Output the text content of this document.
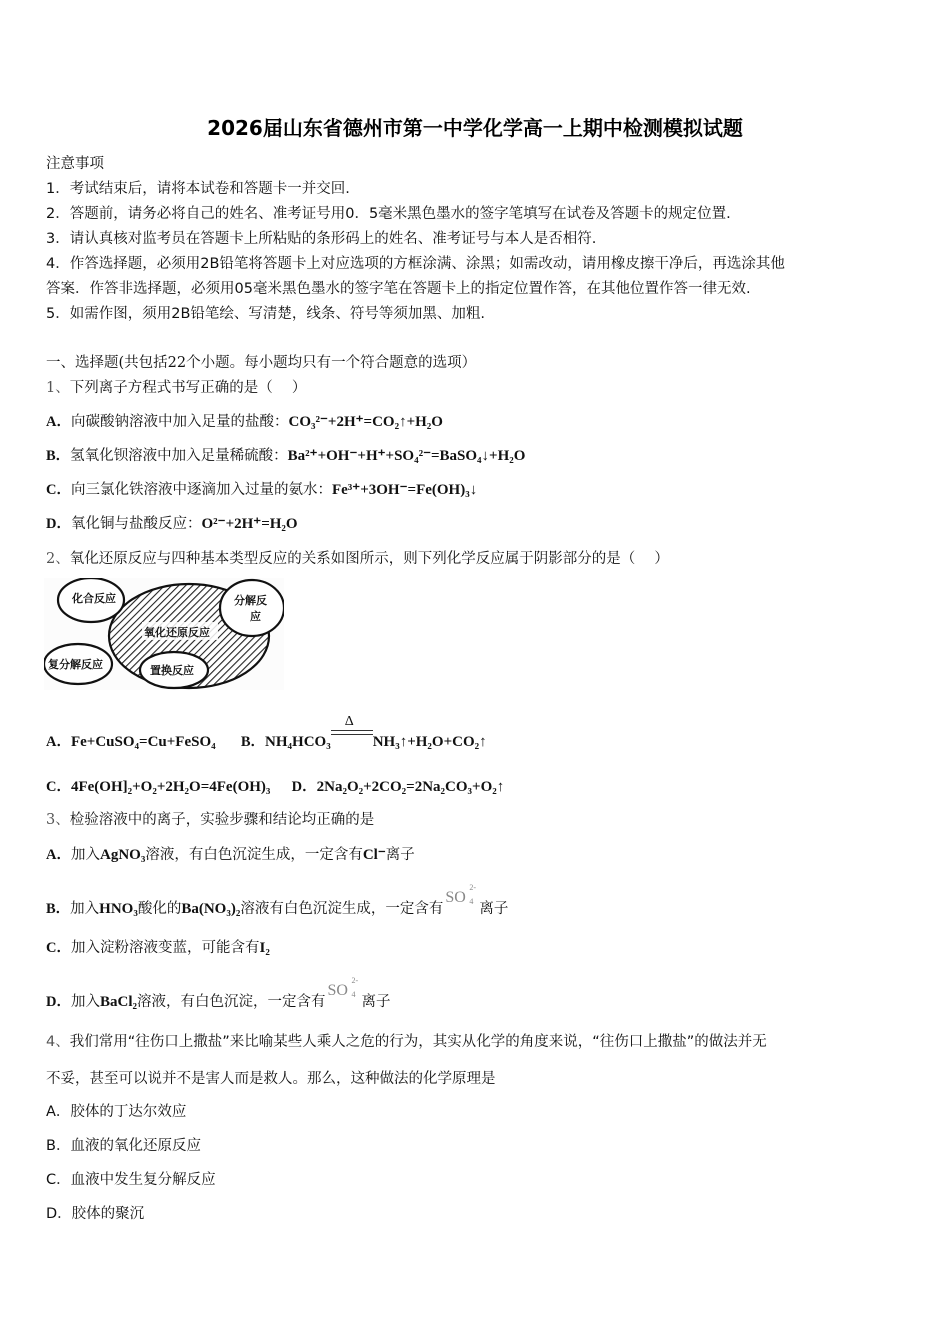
2026届山东省德州市第一中学化学高一上期中检测模拟试题
注意事项
1．考试结束后，请将本试卷和答题卡一并交回.
2．答题前，请务必将自己的姓名、准考证号用0．5毫米黑色墨水的签字笔填写在试卷及答题卡的规定位置.
3．请认真核对监考员在答题卡上所粘贴的条形码上的姓名、准考证号与本人是否相符.
4．作答选择题，必须用2B铅笔将答题卡上对应选项的方框涂满、涂黑；如需改动，请用橡皮擦干净后，再选涂其他
答案．作答非选择题，必须用05毫米黑色墨水的签字笔在答题卡上的指定位置作答，在其他位置作答一律无效.
5．如需作图，须用2B铅笔绘、写清楚，线条、符号等须加黑、加粗.
一、选择题(共包括22个小题。每小题均只有一个符合题意的选项）
1、下列离子方程式书写正确的是（　 ）
A．向碳酸钠溶液中加入足量的盐酸：CO₃²⁻+2H⁺=CO₂↑+H₂O
B．氢氧化钡溶液中加入足量稀硫酸：Ba²⁺+OH⁻+H⁺+SO₄²⁻=BaSO₄↓+H₂O
C．向三氯化铁溶液中逐滴加入过量的氨水：Fe³⁺+3OH⁻=Fe(OH)₃↓
D．氧化铜与盐酸反应：O²⁻+2H⁺=H₂O
2、氧化还原反应与四种基本类型反应的关系如图所示，则下列化学反应属于阴影部分的是（　 ）
化合反应	分解反
应
氧化还原反应
复分解反应	置换反应
A．Fe+CuSO₄=Cu+FeSO₄ B．NH₄HCO₃
Δ
NH₃↑+H₂O+CO₂↑
C．4Fe(OH]₂+O₂+2H₂O=4Fe(OH)₃ D．2Na₂O₂+2CO₂=2Na₂CO₃+O₂↑
3、检验溶液中的离子，实验步骤和结论均正确的是
A．加入AgNO₃溶液，有白色沉淀生成，一定含有Cl⁻离子
B．加入HNO₃酸化的Ba(NO₃)₂溶液有白色沉淀生成，一定含有
SO
2-
4 离子
C．加入淀粉溶液变蓝，可能含有I₂
D．加入BaCl₂溶液，有白色沉淀，一定含有
SO
2-
4 离子
4、我们常用“往伤口上撒盐”来比喻某些人乘人之危的行为，其实从化学的角度来说，“往伤口上撒盐”的做法并无
不妥，甚至可以说并不是害人而是救人。那么，这种做法的化学原理是
A．胶体的丁达尔效应
B．血液的氧化还原反应
C．血液中发生复分解反应
D．胶体的聚沉
